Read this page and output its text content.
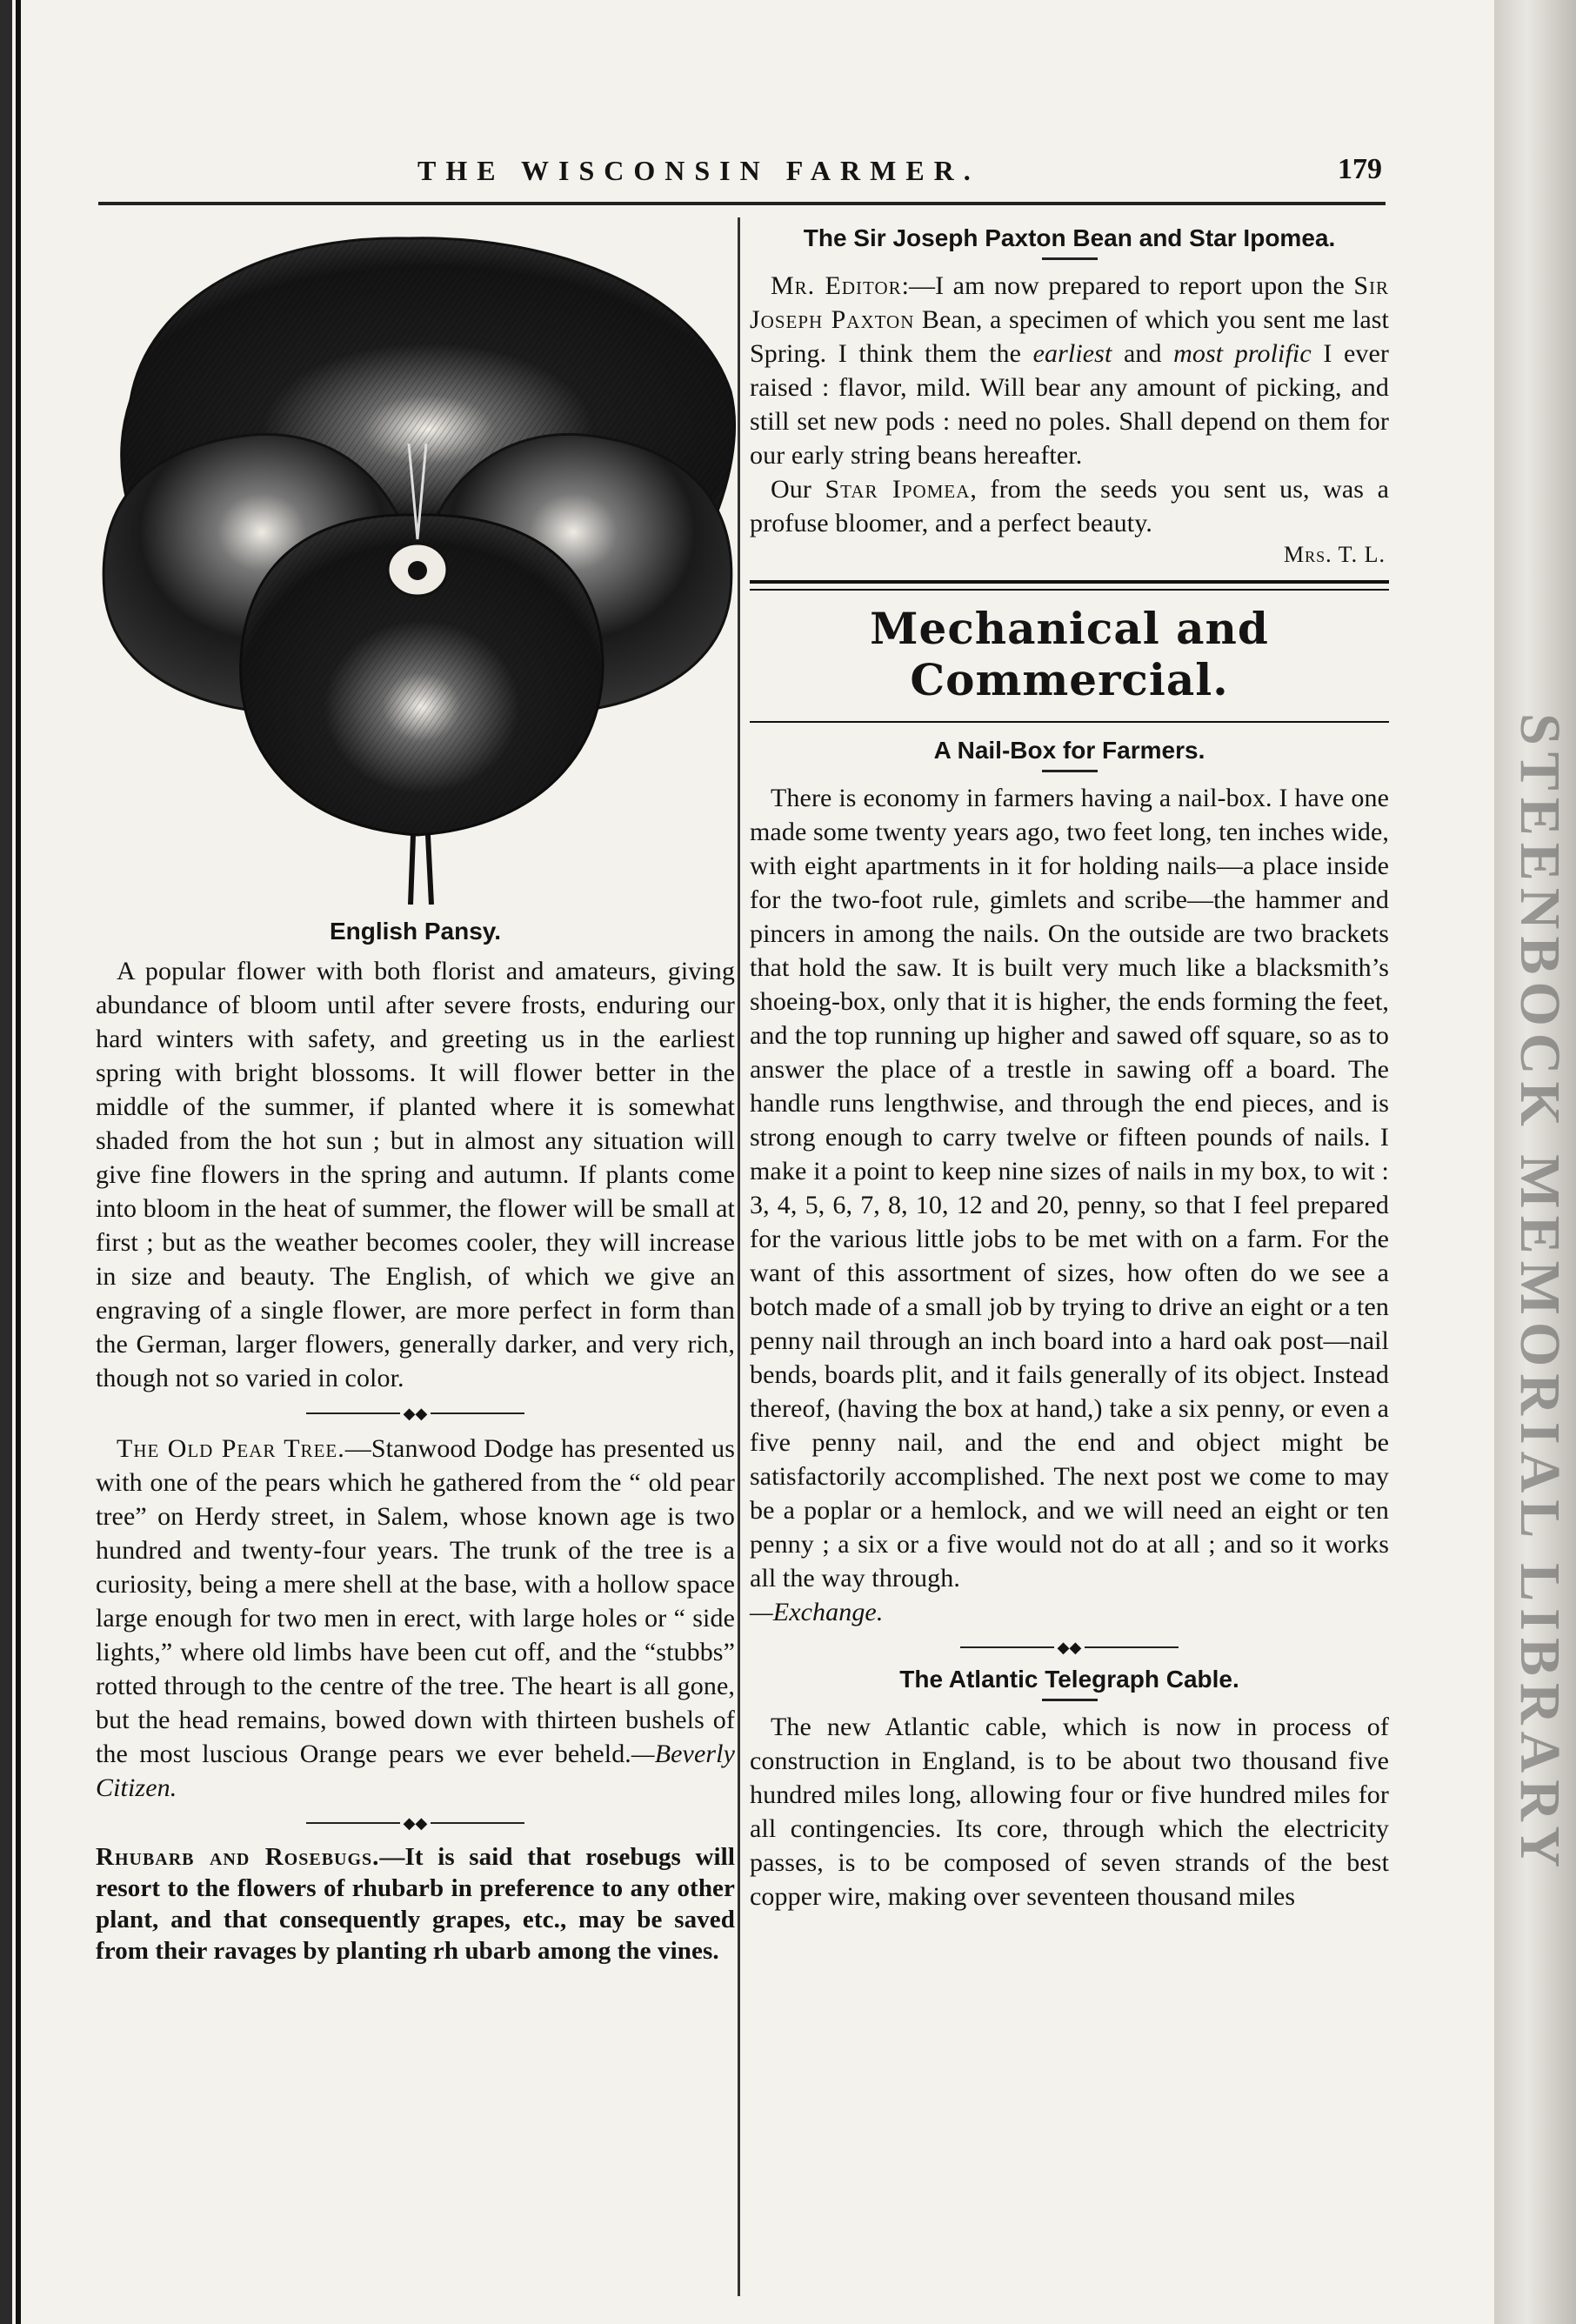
STEENBOCK MEMORIAL LIBRARY
THE WISCONSIN FARMER.	179
English Pansy.

A popular flower with both florist and amateurs, giving abundance of bloom until after severe frosts, enduring our hard winters with safety, and greeting us in the earliest spring with bright blossoms. It will flower better in the middle of the summer, if planted where it is somewhat shaded from the hot sun ; but in almost any situation will give fine flowers in the spring and autumn. If plants come into bloom in the heat of summer, the flower will be small at first ; but as the weather becomes cooler, they will increase in size and beauty. The English, of which we give an engraving of a single flower, are more perfect in form than the German, larger flowers, generally darker, and very rich, though not so varied in color.

◆◆

The Old Pear Tree.—Stanwood Dodge has presented us with one of the pears which he gathered from the “ old pear tree” on Herdy street, in Salem, whose known age is two hundred and twenty-four years. The trunk of the tree is a curiosity, being a mere shell at the base, with a hollow space large enough for two men in erect, with large holes or “ side lights,” where old limbs have been cut off, and the “stubbs” rotted through to the centre of the tree. The heart is all gone, but the head remains, bowed down with thirteen bushels of the most luscious Orange pears we ever beheld.—Beverly Citizen.

◆◆

Rhubarb and Rosebugs.—It is said that rosebugs will resort to the flowers of rhubarb in preference to any other plant, and that consequently grapes, etc., may be saved from their ravages by planting rh ubarb among the vines.

The Sir Joseph Paxton Bean and Star Ipomea.

Mr. Editor:—I am now prepared to report upon the Sir Joseph Paxton Bean, a specimen of which you sent me last Spring. I think them the earliest and most prolific I ever raised : flavor, mild. Will bear any amount of picking, and still set new pods : need no poles. Shall depend on them for our early string beans hereafter.

Our Star Ipomea, from the seeds you sent us, was a profuse bloomer, and a perfect beauty.

Mrs. T. L.
Mechanical and Commercial.
A Nail-Box for Farmers.

There is economy in farmers having a nail-box. I have one made some twenty years ago, two feet long, ten inches wide, with eight apartments in it for holding nails—a place inside for the two-foot rule, gimlets and scribe—the hammer and pincers in among the nails. On the outside are two brackets that hold the saw. It is built very much like a blacksmith’s shoeing-box, only that it is higher, the ends forming the feet, and the top running up higher and sawed off square, so as to answer the place of a trestle in sawing off a board. The handle runs lengthwise, and through the end pieces, and is strong enough to carry twelve or fifteen pounds of nails. I make it a point to keep nine sizes of nails in my box, to wit : 3, 4, 5, 6, 7, 8, 10, 12 and 20, penny, so that I feel prepared for the various little jobs to be met with on a farm. For the want of this assortment of sizes, how often do we see a botch made of a small job by trying to drive an eight or a ten penny nail through an inch board into a hard oak post—nail bends, boards plit, and it fails generally of its object. Instead thereof, (having the box at hand,) take a six penny, or even a five penny nail, and the end and object might be satisfactorily accomplished. The next post we come to may be a poplar or a hemlock, and we will need an eight or ten penny ; a six or a five would not do at all ; and so it works all the way through.

—Exchange.

◆◆
The Atlantic Telegraph Cable.

The new Atlantic cable, which is now in process of construction in England, is to be about two thousand five hundred miles long, allowing four or five hundred miles for all contingencies. Its core, through which the electricity passes, is to be composed of seven strands of the best copper wire, making over seventeen thousand miles
